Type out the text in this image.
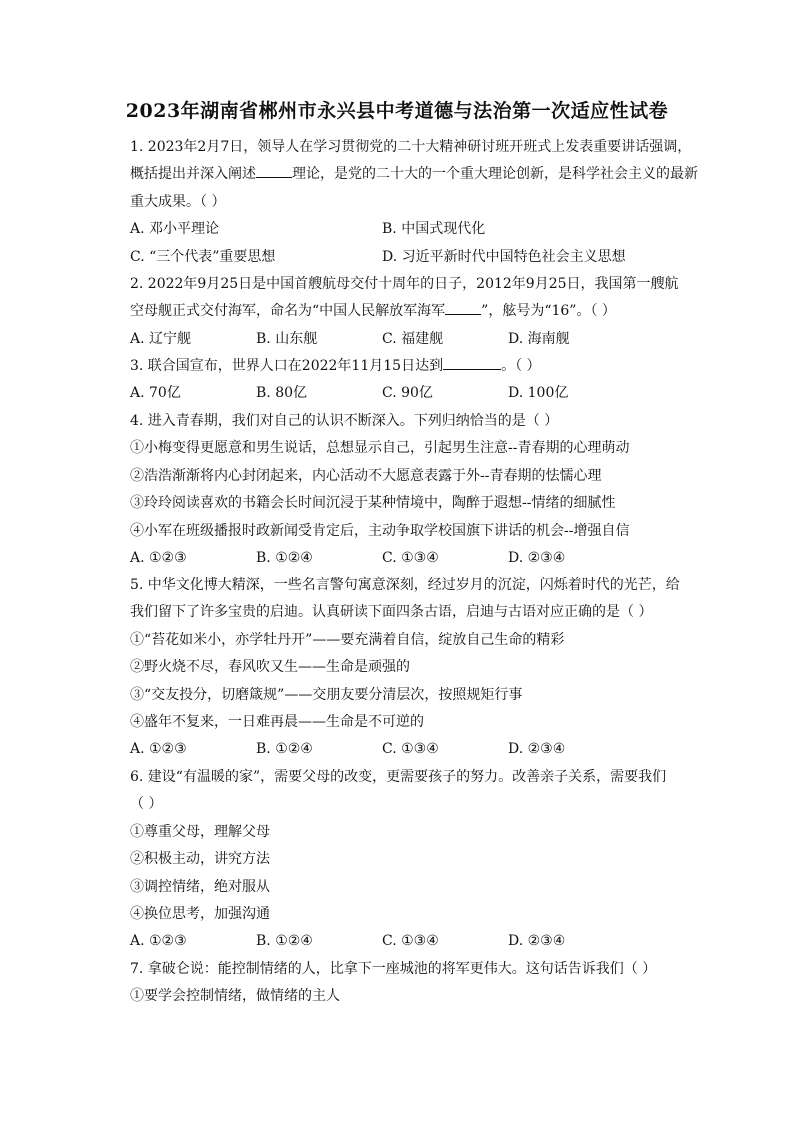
2023年湖南省郴州市永兴县中考道德与法治第一次适应性试卷
1. 2023年2月7日，领导人在学习贯彻党的二十大精神研讨班开班式上发表重要讲话强调，
概括提出并深入阐述	理论，是党的二十大的一个重大理论创新，是科学社会主义的最新
重大成果。（ ）
A. 邓小平理论	B. 中国式现代化
C. “三个代表”重要思想	D. 习近平新时代中国特色社会主义思想
2. 2022年9月25日是中国首艘航母交付十周年的日子，2012年9月25日，我国第一艘航
空母舰正式交付海军，命名为“中国人民解放军海军	”，舷号为“16”。（ ）
A. 辽宁舰	B. 山东舰	C. 福建舰	D. 海南舰
3. 联合国宣布，世界人口在2022年11月15日达到	。（ ）
A. 70亿	B. 80亿	C. 90亿	D. 100亿
4. 进入青春期，我们对自己的认识不断深入。下列归纳恰当的是（ ）
①小梅变得更愿意和男生说话，总想显示自己，引起男生注意--青春期的心理萌动
②浩浩渐渐将内心封闭起来，内心活动不大愿意表露于外--青春期的怯懦心理
③玲玲阅读喜欢的书籍会长时间沉浸于某种情境中，陶醉于遐想--情绪的细腻性
④小军在班级播报时政新闻受肯定后，主动争取学校国旗下讲话的机会--增强自信
A. ①②③	B. ①②④	C. ①③④	D. ②③④
5. 中华文化博大精深，一些名言警句寓意深刻，经过岁月的沉淀，闪烁着时代的光芒，给
我们留下了许多宝贵的启迪。认真研读下面四条古语，启迪与古语对应正确的是（ ）
①“苔花如米小，亦学牡丹开”——要充满着自信，绽放自己生命的精彩
②野火烧不尽，春风吹又生——生命是顽强的
③“交友投分，切磨箴规”——交朋友要分清层次，按照规矩行事
④盛年不复来，一日难再晨——生命是不可逆的
A. ①②③	B. ①②④	C. ①③④	D. ②③④
6. 建设“有温暖的家”，需要父母的改变，更需要孩子的努力。改善亲子关系，需要我们
（ ）
①尊重父母，理解父母
②积极主动，讲究方法
③调控情绪，绝对服从
④换位思考，加强沟通
A. ①②③	B. ①②④	C. ①③④	D. ②③④
7. 拿破仑说：能控制情绪的人，比拿下一座城池的将军更伟大。这句话告诉我们（ ）
①要学会控制情绪，做情绪的主人
